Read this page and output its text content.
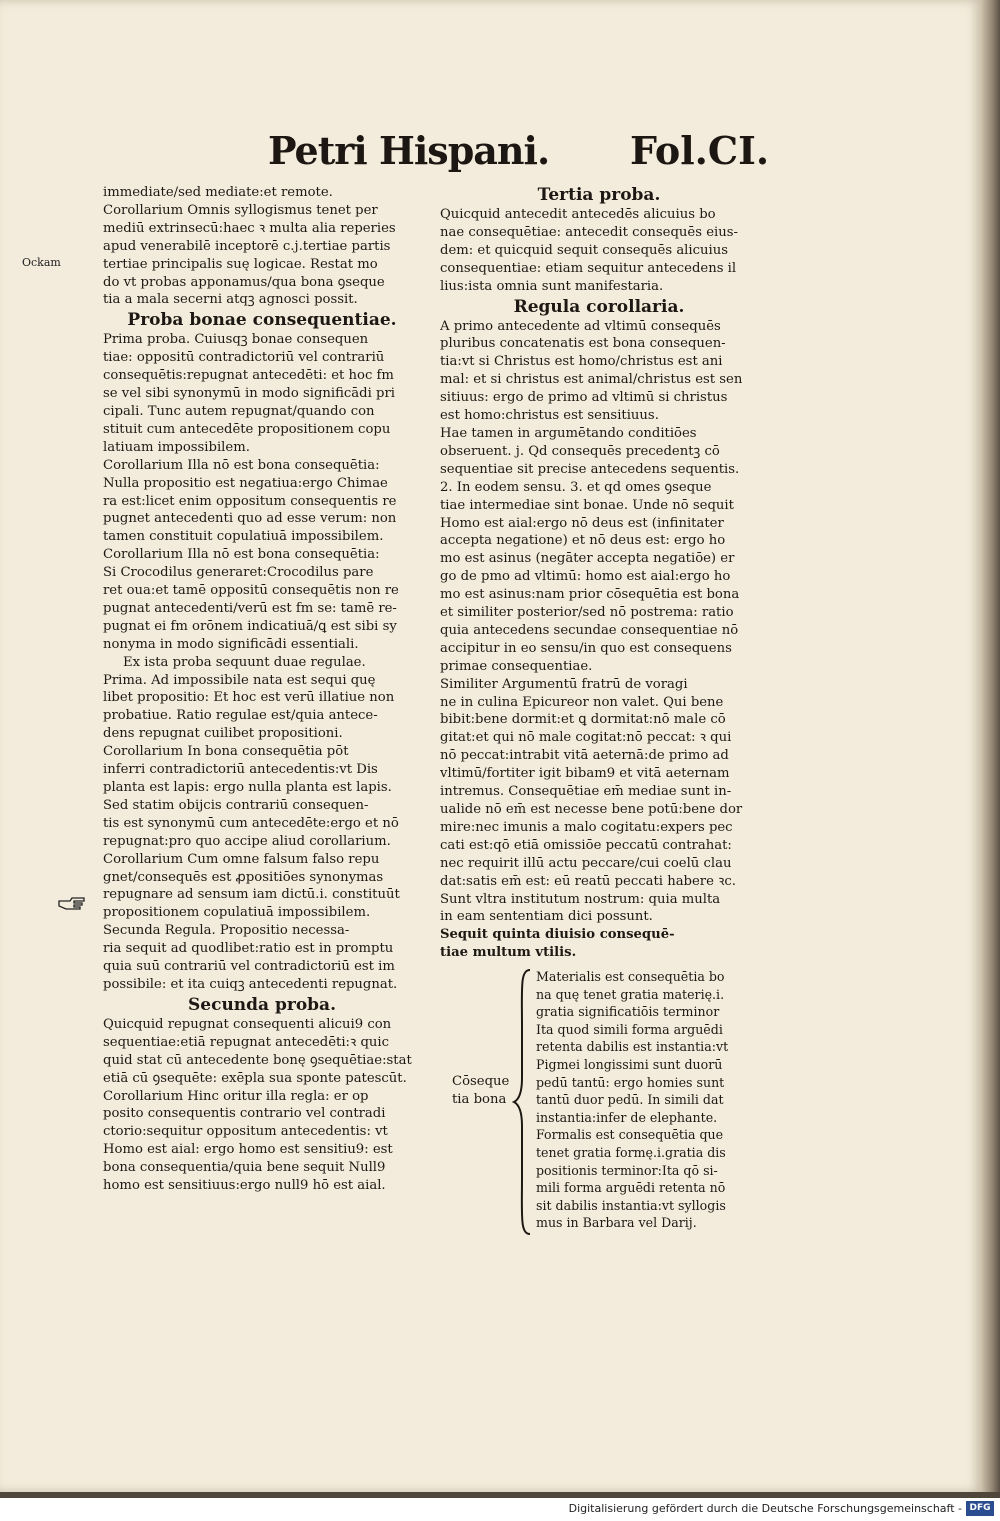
Petri Hispani. Fol.CI.
Ockam
immediate/sed mediate:et remote.
Corollarium Omnis syllogismus tenet per
mediū extrinsecū:haec ꝛ multa alia reperies
apud venerabilē inceptorē c.j.tertiae partis
tertiae principalis suę logicae. Restat mo
do vt probas apponamus/qua bona ꝯseque
tia a mala secerni atqꝫ agnosci possit.
Proba bonae consequentiae.
Prima proba. Cuiusqꝫ bonae consequen
tiae: oppositū contradictoriū vel contrariū
consequētis:repugnat antecedēti: et hoc fm
se vel sibi synonymū in modo significādi pri
cipali. Tunc autem repugnat/quando con
stituit cum antecedēte propositionem copu
latiuam impossibilem.
Corollarium Illa nō est bona consequētia:
Nulla propositio est negatiua:ergo Chimae
ra est:licet enim oppositum consequentis re
pugnet antecedenti quo ad esse verum: non
tamen constituit copulatiuā impossibilem.
Corollarium Illa nō est bona consequētia:
Si Crocodilus generaret:Crocodilus pare
ret oua:et tamē oppositū consequētis non re
pugnat antecedenti/verū est fm se: tamē re-
pugnat ei fm orōnem indicatiuā/ꝗ est sibi sy
nonyma in modo significādi essentiali.
Ex ista proba sequunt duae regulae.
Prima. Ad impossibile nata est sequi quę
libet propositio: Et hoc est verū illatiue non
probatiue. Ratio regulae est/quia antece-
dens repugnat cuilibet propositioni.
Corollarium In bona consequētia pōt
inferri contradictoriū antecedentis:vt Dis
planta est lapis: ergo nulla planta est lapis.
Sed statim obijcis contrariū consequen-
tis est synonymū cum antecedēte:ergo et nō
repugnat:pro quo accipe aliud corollarium.
Corollarium Cum omne falsum falso repu
gnet/consequēs est ꝓpositiōes synonymas
repugnare ad sensum iam dictū.i. constituūt
propositionem copulatiuā impossibilem.
Secunda Regula. Propositio necessa-
ria sequit ad quodlibet:ratio est in promptu
quia suū contrariū vel contradictoriū est im
possibile: et ita cuiqꝫ antecedenti repugnat.
Secunda proba.
Quicquid repugnat consequenti alicui9 con
sequentiae:etiā repugnat antecedēti:ꝛ quic
quid stat cū antecedente bonę ꝯsequētiae:stat
etiā cū ꝯsequēte: exēpla sua sponte patescūt.
Corollarium Hinc oritur illa regla: er op
posito consequentis contrario vel contradi
ctorio:sequitur oppositum antecedentis: vt
Homo est aial: ergo homo est sensitiu9: est
bona consequentia/quia bene sequit Null9
homo est sensitiuus:ergo null9 hō est aial.
Tertia proba.
Quicquid antecedit antecedēs alicuius bo
nae consequētiae: antecedit consequēs eius-
dem: et quicquid sequit consequēs alicuius
consequentiae: etiam sequitur antecedens il
lius:ista omnia sunt manifestaria.
Regula corollaria.
A primo antecedente ad vltimū consequēs
pluribus concatenatis est bona consequen-
tia:vt si Christus est homo/christus est ani
mal: et si christus est animal/christus est sen
sitiuus: ergo de primo ad vltimū si christus
est homo:christus est sensitiuus.
Hae tamen in argumētando conditiōes
obseruent. j. Qd consequēs precedentꝫ cō
sequentiae sit precise antecedens sequentis.
2. In eodem sensu. 3. et qd omes ꝯseque
tiae intermediae sint bonae. Unde nō sequit
Homo est aial:ergo nō deus est (infinitater
accepta negatione) et nō deus est: ergo ho
mo est asinus (negāter accepta negatiōe) er
go de pmo ad vltimū: homo est aial:ergo ho
mo est asinus:nam prior cōsequētia est bona
et similiter posterior/sed nō postrema: ratio
quia antecedens secundae consequentiae nō
accipitur in eo sensu/in quo est consequens
primae consequentiae.
Similiter Argumentū fratrū de voragi
ne in culina Epicureor non valet. Qui bene
bibit:bene dormit:et ꝗ dormitat:nō male cō
gitat:et qui nō male cogitat:nō peccat: ꝛ qui
nō peccat:intrabit vitā aeternā:de primo ad
vltimū/fortiter igit bibam9 et vitā aeternam
intremus. Consequētiae em̄ mediae sunt in-
ualide nō em̄ est necesse bene potū:bene dor
mire:nec imunis a malo cogitatu:expers pec
cati est:qō etiā omissiōe peccatū contrahat:
nec requirit illū actu peccare/cui coelū clau
dat:satis em̄ est: eū reatū peccati habere ꝛc.
Sunt vltra institutum nostrum: quia multa
in eam sententiam dici possunt.
Sequit quinta diuisio consequē-
tiae multum vtilis.
Cōseque
tia bona
Materialis est consequētia bo
na quę tenet gratia materię.i.
gratia significatiōis terminor
Ita quod simili forma arguēdi
retenta dabilis est instantia:vt
Pigmei longissimi sunt duorū
pedū tantū: ergo homies sunt
tantū duor pedū. In simili dat
instantia:infer de elephante.
Formalis est consequētia que
tenet gratia formę.i.gratia dis
positionis terminor:Ita qō si-
mili forma arguēdi retenta nō
sit dabilis instantia:vt syllogis
mus in Barbara vel Darij.
Digitalisierung gefördert durch die Deutsche Forschungsgemeinschaft - DFG
